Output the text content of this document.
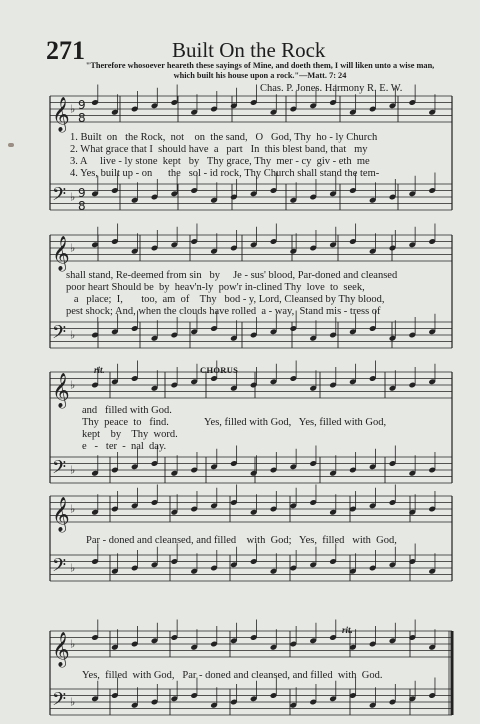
271	Built On the Rock
"Therefore whosoever heareth these sayings of Mine, and doeth them, I will liken unto a wise man,
which built his house upon a rock."—Matt. 7: 24
Chas. P. Jones. Harmony R. E. W.
𝄞 ♭
𝄢 ♭
9
8
9
8
𝄞 ♭
𝄢 ♭
𝄞 ♭
𝄢 ♭
𝄞 ♭
𝄢 ♭
𝄞 ♭
𝄢 ♭
1. Built  on   the Rock,  not    on  the sand,   O   God, Thy  ho - ly Church
2. What grace that I  should have  a   part   In  this blest band, that   my
3. A     live - ly stone  kept   by   Thy grace, Thy  mer - cy  giv - eth  me
4. Yes, built up - on      the   sol - id rock, Thy Church shall stand the tem-
shall stand, Re-deemed from sin   by     Je - sus' blood, Par-doned and cleansed
poor heart Should be  by  heav'n-ly  pow'r in-clined Thy  love  to  seek,
a   place;  I,       too,  am  of    Thy   bod - y, Lord, Cleansed by Thy blood,
pest shock; And, when the clouds have rolled  a - way,  Stand mis - tress of
rit.	CHORUS
and   filled with God.
Thy  peace  to   find.
kept    by    Thy  word.
e   -   ter  -  nal  day.
Yes, filled with God,   Yes, filled with God,
Par - doned and cleansed, and filled    with  God;   Yes,  filled   with  God,
rit.
Yes,  filled  with God,   Par - doned and cleansed, and filled  with  God.
